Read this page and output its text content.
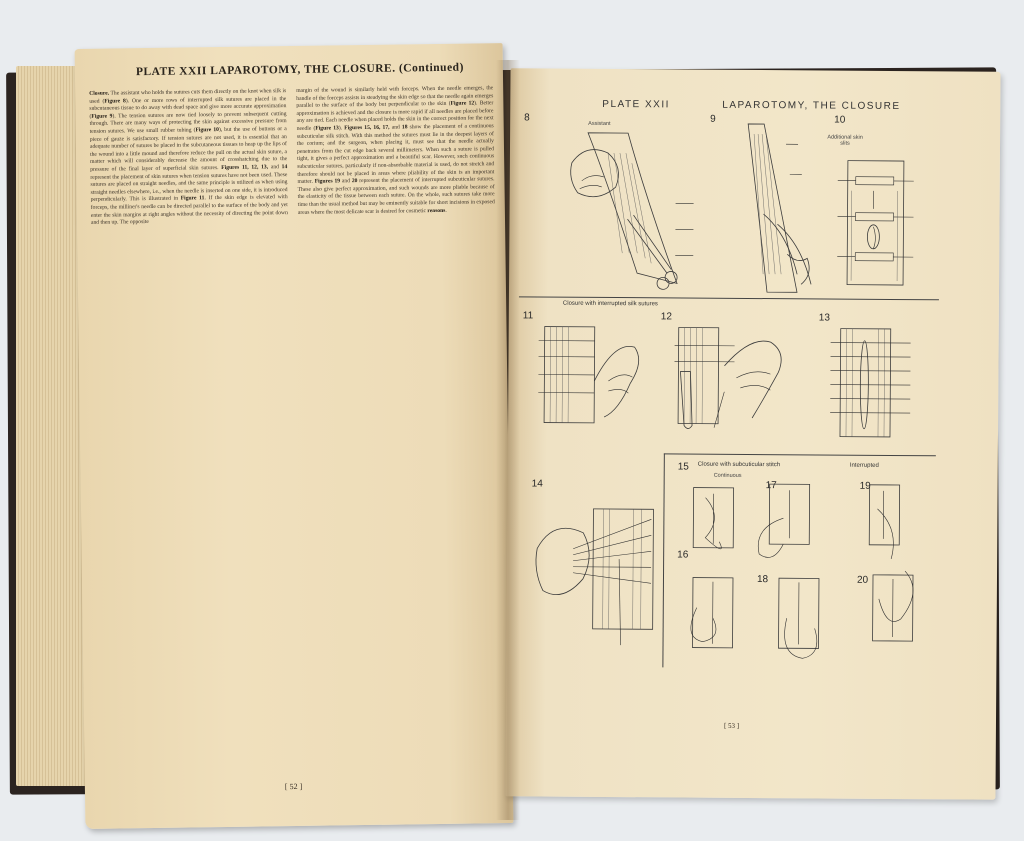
PLATE XXII LAPAROTOMY, THE CLOSURE. (Continued)
Closure. The assistant who holds the sutures cuts them directly on the knot when silk is used (Figure 8). One or more rows of interrupted silk sutures are placed in the subcutaneous tissue to do away with dead space and give more accurate approximation (Figure 9). The tension sutures are now tied loosely to prevent subsequent cutting through. There are many ways of protecting the skin against excessive pressure from tension sutures. We use small rubber tubing (Figure 10), but the use of buttons or a piece of gauze is satisfactory. If tension sutures are not used, it is essential that an adequate number of sutures be placed in the subcutaneous tissues to heap up the lips of the wound into a little mound and therefore reduce the pull on the actual skin suture, a matter which will considerably decrease the amount of crosshatching due to the pressure of the final layer of superficial skin sutures. Figures 11, 12, 13, and 14 represent the placement of skin sutures when tension sutures have not been used. These sutures are placed on straight needles, and the same principle is utilized as when using straight needles elsewhere, i.e., when the needle is inserted on one side, it is introduced perpendicularly. This is illustrated in Figure 11. If the skin edge is elevated with forceps, the milliner's needle can be directed parallel to the surface of the body and yet enter the skin margins at right angles without the necessity of directing the point down and then up. The opposite
margin of the wound is similarly held with forceps. When the needle emerges, the handle of the forceps assists in steadying the skin edge so that the needle again emerges parallel to the surface of the body but perpendicular to the skin (Figure 12). Better approximation is achieved and the closure is more rapid if all needles are placed before any are tied. Each needle when placed holds the skin in the correct position for the next needle (Figure 13). Figures 15, 16, 17, and 18 show the placement of a continuous subcuticular silk stitch. With this method the sutures must lie in the deepest layers of the corium; and the surgeon, when placing it, must see that the needle actually penetrates from the cut edge back several millimeters. When such a suture is pulled tight, it gives a perfect approximation and a beautiful scar. However, such continuous subcuticular sutures, particularly if non-absorbable material is used, do not stretch and therefore should not be placed in areas where pliability of the skin is an important matter. Figures 19 and 20 represent the placement of interrupted subcuticular sutures. These also give perfect approximation, and such wounds are more pliable because of the elasticity of the tissue between each suture. On the whole, such sutures take more time than the usual method but may be eminently suitable for short incisions in exposed areas where the most delicate scar is desired for cosmetic reasons.
[ 52 ]
PLATE XXII	LAPAROTOMY, THE CLOSURE
8	9	10
11	12	13
14
15
16
17
18
19
20
Assistant
Additional skin slits
Closure with interrupted silk sutures
Closure with subcuticular stitch
Continuous
Interrupted
[ 53 ]
